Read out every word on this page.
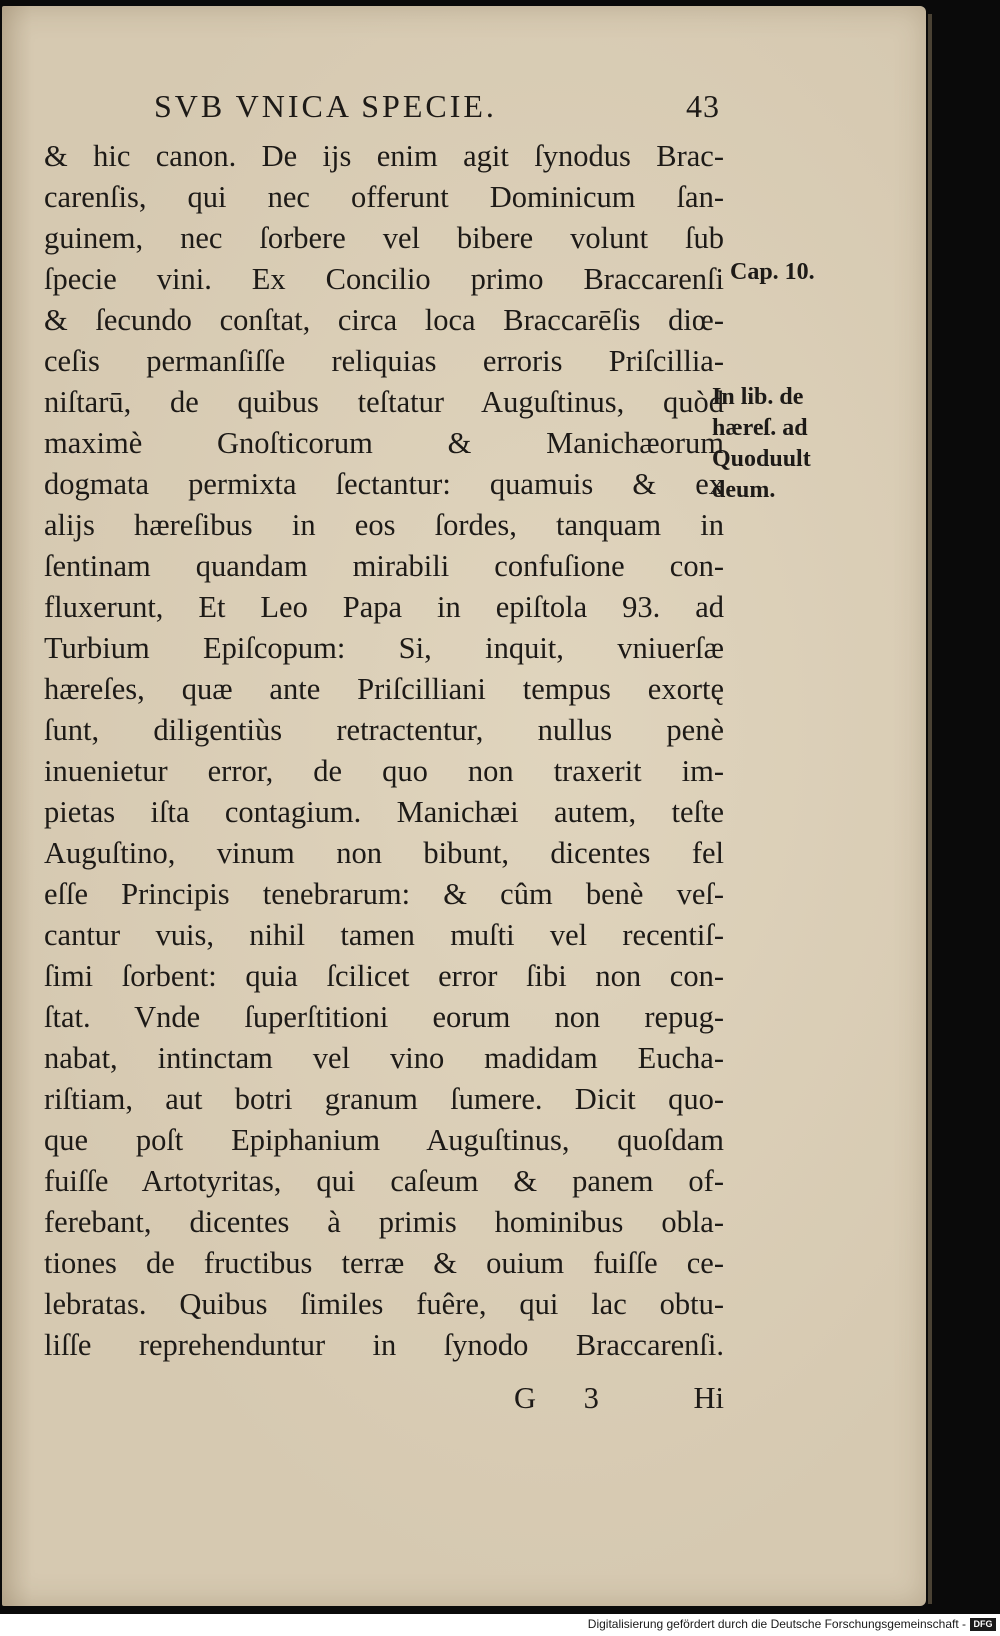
SVB VNICA SPECIE.	43
& hic canon. De ijs enim agit ſynodus Brac-
carenſis, qui nec offerunt Dominicum ſan-
guinem, nec ſorbere vel bibere volunt ſub
ſpecie vini. Ex Concilio primo Braccarenſi
& ſecundo conſtat, circa loca Braccarēſis diœ-
ceſis permanſiſſe reliquias erroris Priſcillia-
niſtarū, de quibus teſtatur Auguſtinus, quòd
maximè Gnoſticorum & Manichæorum
dogmata permixta ſectantur: quamuis & ex
alijs hæreſibus in eos ſordes, tanquam in
ſentinam quandam mirabili confuſione con-
fluxerunt, Et Leo Papa in epiſtola 93. ad
Turbium Epiſcopum: Si, inquit, vniuerſæ
hæreſes, quæ ante Priſcilliani tempus exortę
ſunt, diligentiùs retractentur, nullus penè
inuenietur error, de quo non traxerit im-
pietas iſta contagium. Manichæi autem, teſte
Auguſtino, vinum non bibunt, dicentes fel
eſſe Principis tenebrarum: & cûm benè veſ-
cantur vuis, nihil tamen muſti vel recentiſ-
ſimi ſorbent: quia ſcilicet error ſibi non con-
ſtat. Vnde ſuperſtitioni eorum non repug-
nabat, intinctam vel vino madidam Eucha-
riſtiam, aut botri granum ſumere. Dicit quo-
que poſt Epiphanium Auguſtinus, quoſdam
fuiſſe Artotyritas, qui caſeum & panem of-
ferebant, dicentes à primis hominibus obla-
tiones de fructibus terræ & ouium fuiſſe ce-
lebratas. Quibus ſimiles fuêre, qui lac obtu-
liſſe reprehenduntur in ſynodo Braccarenſi.
G 3 Hi
Cap. 10.
In lib. de
hæreſ. ad
Quoduult
deum.
Digitalisierung gefördert durch die Deutsche Forschungsgemeinschaft - DFG
